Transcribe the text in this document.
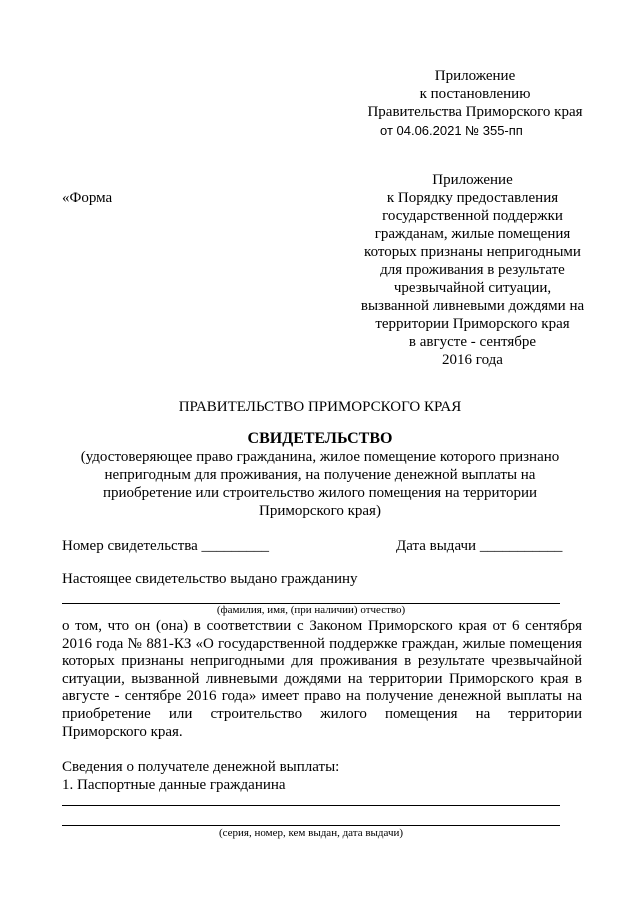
Приложение
к постановлению
Правительства Приморского края
от 04.06.2021 № 355-пп
«Форма
Приложение
к Порядку предоставления
государственной поддержки
гражданам, жилые помещения
которых признаны непригодными
для проживания в результате
чрезвычайной ситуации,
вызванной ливневыми дождями на
территории Приморского края
в августе - сентябре
2016 года
ПРАВИТЕЛЬСТВО ПРИМОРСКОГО КРАЯ
СВИДЕТЕЛЬСТВО
(удостоверяющее право гражданина, жилое помещение которого признано
непригодным для проживания, на получение денежной выплаты на
приобретение или строительство жилого помещения на территории
Приморского края)
Номер свидетельства _________	Дата выдачи ___________
Настоящее свидетельство выдано гражданину
(фамилия, имя, (при наличии) отчество)
о том, что он (она) в соответствии с Законом Приморского края от 6 сентября
2016 года № 881-КЗ «О государственной поддержке граждан, жилые помещения
которых признаны непригодными для проживания в результате чрезвычайной
ситуации, вызванной ливневыми дождями на территории Приморского края в
августе - сентябре 2016 года» имеет право на получение денежной выплаты на
приобретение или строительство жилого помещения на территории
Приморского края.
Сведения о получателе денежной выплаты:
1. Паспортные данные гражданина
(серия, номер, кем выдан, дата выдачи)
